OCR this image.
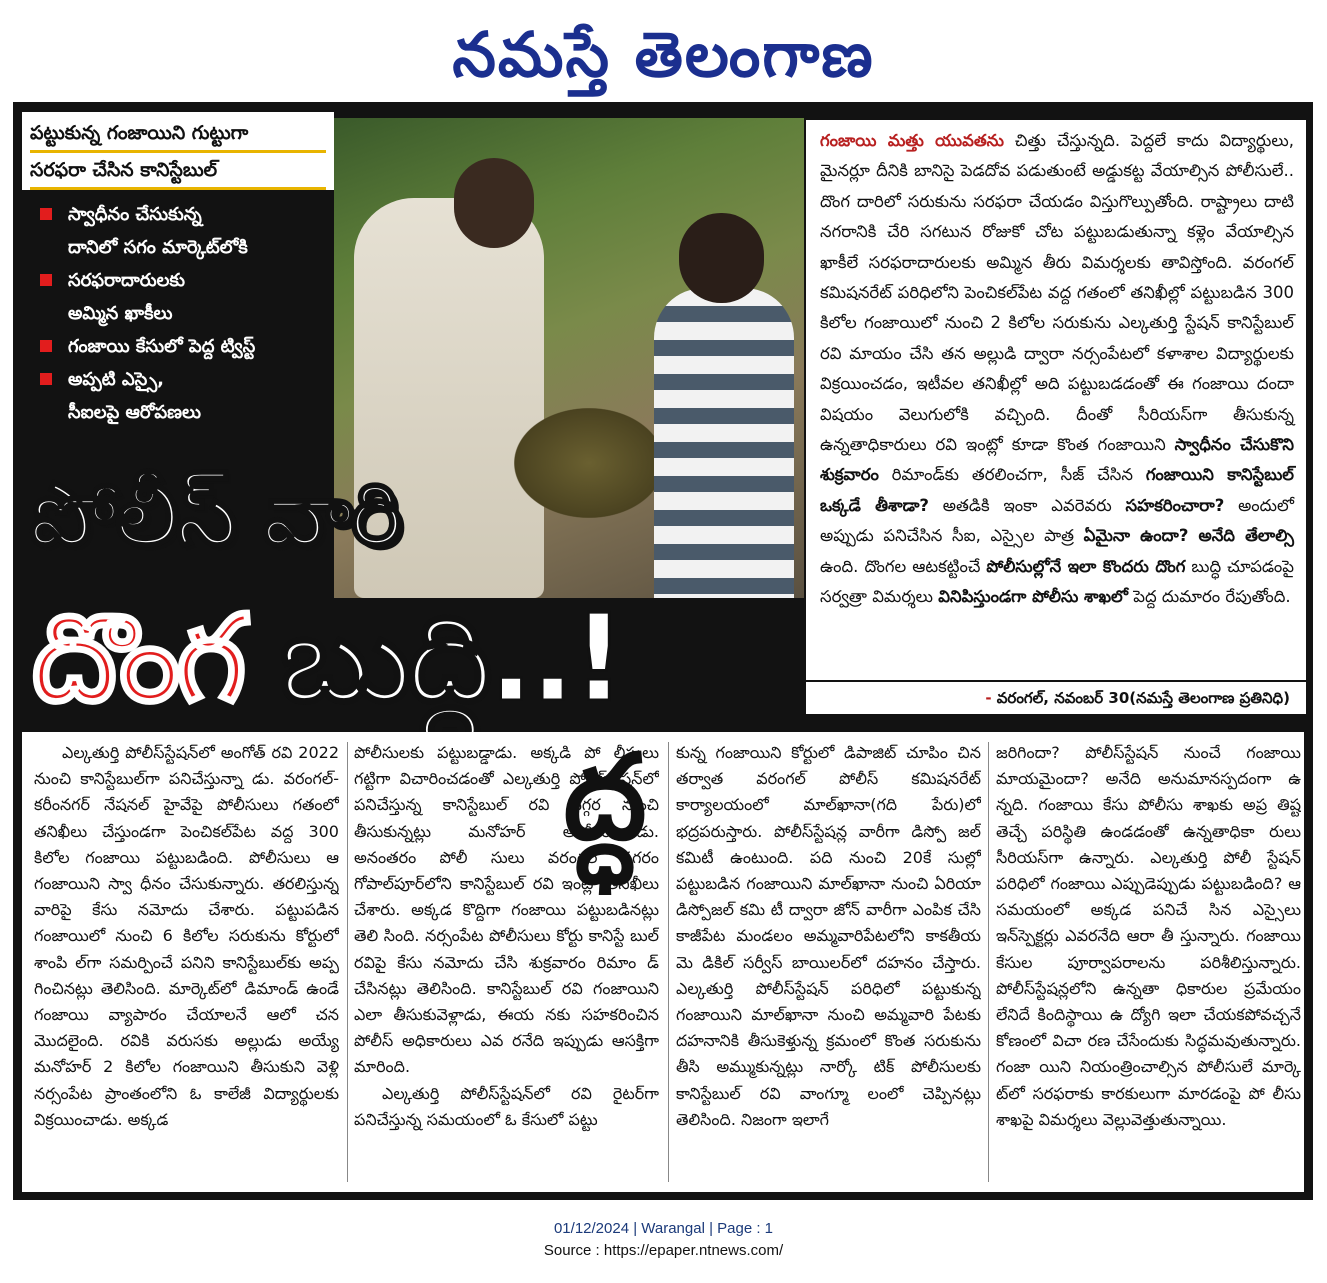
నమస్తే తెలంగాణ
పట్టుకున్న గంజాయిని గుట్టుగా
సరఫరా చేసిన కానిస్టేబుల్
స్వాధీనం చేసుకున్న
దానిలో సగం మార్కెట్‌లోకి
సరఫరాదారులకు
అమ్మిన ఖాకీలు
గంజాయి కేసులో పెద్ద ట్విస్ట్
అప్పటి ఎస్సై,
సీఐలపై ఆరోపణలు

గంజాయి మత్తు యువతను చిత్తు చేస్తున్నది. పెద్దలే కాదు విద్యార్థులు, మైనర్లూ దీనికి బానిసై పెడదోవ పడుతుంటే అడ్డుకట్ట వేయాల్సిన పోలీసులే.. దొంగ దారిలో సరుకును సరఫరా చేయడం విస్తుగొల్పుతోంది. రాష్ట్రాలు దాటి నగరానికి చేరి సగటున రోజుకో చోట పట్టుబడుతున్నా కళ్లెం వేయాల్సిన ఖాకీలే సరఫరాదారులకు అమ్మిన తీరు విమర్శలకు తావిస్తోంది. వరంగల్ కమిషనరేట్ పరిధిలోని పెంచికల్‌పేట వద్ద గతంలో తనిఖీల్లో పట్టుబడిన 300 కిలోల గంజాయిలో నుంచి 2 కిలోల సరుకును ఎల్కతుర్తి స్టేషన్ కానిస్టేబుల్ రవి మాయం చేసి తన అల్లుడి ద్వారా నర్సంపేటలో కళాశాల విద్యార్థులకు విక్రయించడం, ఇటీవల తనిఖీల్లో అది పట్టుబడడంతో ఈ గంజాయి దందా విషయం వెలుగులోకి వచ్చింది. దీంతో సీరియస్‌గా తీసుకున్న ఉన్నతాధికారులు రవి ఇంట్లో కూడా కొంత గంజాయిని స్వాధీనం చేసుకొని శుక్రవారం రిమాండ్‌కు తరలించగా, సీజ్ చేసిన గంజాయిని కానిస్టేబుల్ ఒక్కడే తీశాడా? అతడికి ఇంకా ఎవరెవరు సహకరించారా? అందులో అప్పుడు పనిచేసిన సీఐ, ఎస్సైల పాత్ర ఏమైనా ఉందా? అనేది తేలాల్సి ఉంది. దొంగల ఆటకట్టించే పోలీసుల్లోనే ఇలా కొందరు దొంగ బుద్ధి చూపడంపై సర్వత్రా విమర్శలు వినిపిస్తుండగా పోలీసు శాఖలో పెద్ద దుమారం రేపుతోంది.

- వరంగల్, నవంబర్ 30(నమస్తే తెలంగాణ ప్రతినిధి)
పోలీస్ వారి
దొంగ బుద్ధి..!

ఎల్కతుర్తి పోలీస్‌స్టేషన్‌లో అంగోత్ రవి 2022 నుంచి కానిస్టేబుల్‌గా పనిచేస్తున్నా డు. వరంగల్-కరీంనగర్ నేషనల్ హైవేపై పోలీసులు గతంలో తనిఖీలు చేస్తుండగా పెంచికల్‌పేట వద్ద 300 కిలోల గంజాయి పట్టుబడింది. పోలీసులు ఆ గంజాయిని స్వా ధీనం చేసుకున్నారు. తరలిస్తున్న వారిపై కేసు నమోదు చేశారు. పట్టుపడిన గంజాయిలో నుంచి 6 కిలోల సరుకును కోర్టులో శాంపి ల్‌గా సమర్పించే పనిని కానిస్టేబుల్‌కు అప్ప గించినట్లు తెలిసింది. మార్కెట్‌లో డిమాండ్ ఉండే గంజాయి వ్యాపారం చేయాలనే ఆలో చన మొదలైంది. రవికి వరుసకు అల్లుడు అయ్యే మనోహర్ 2 కిలోల గంజాయిని తీసుకుని వెళ్లి నర్సంపేట ప్రాంతంలోని ఓ కాలేజీ విద్యార్థులకు విక్రయించాడు. అక్కడ

పోలీసులకు పట్టుబడ్డాడు. అక్కడి పో లీసులు గట్టిగా విచారించడంతో ఎల్కతుర్తి పోలీస్‌స్టేషన్‌లో పనిచేస్తున్న కానిస్టేబుల్ రవి దగ్గర నుంచి తీసుకున్నట్లు మనోహర్ అంగీకరించాడు. అనంతరం పోలీ సులు వరంగల్ నగరం గోపాల్‌పూర్‌లోని కానిస్టేబుల్ రవి ఇంట్లో తనిఖీలు చేశారు. అక్కడ కొద్దిగా గంజాయి పట్టుబడినట్లు తెలి సింది. నర్సంపేట పోలీసులు కోర్టు కానిస్టే బుల్ రవిపై కేసు నమోదు చేసి శుక్రవారం రిమాం డ్ చేసినట్లు తెలిసింది. కానిస్టేబుల్ రవి గంజాయిని ఎలా తీసుకువెళ్లాడు, ఈయ నకు సహకరించిన పోలీస్ అధికారులు ఎవ రనేది ఇప్పుడు ఆసక్తిగా మారింది.

ఎల్కతుర్తి పోలీస్‌స్టేషన్‌లో రవి రైటర్‌గా పనిచేస్తున్న సమయంలో ఓ కేసులో పట్టు

కున్న గంజాయిని కోర్టులో డిపాజిట్ చూపిం చిన తర్వాత వరంగల్ పోలీస్ కమిషనరేట్ కార్యాలయంలో మాల్‌ఖానా(గది పేరు)లో భద్రపరుస్తారు. పోలీస్‌స్టేషన్ల వారీగా డిస్పో జల్ కమిటీ ఉంటుంది. పది నుంచి 20కే సుల్లో పట్టుబడిన గంజాయిని మాల్‌ఖానా నుంచి ఏరియా డిస్పోజల్ కమి టీ ద్వారా జోన్ వారీగా ఎంపిక చేసి కాజీపేట మండలం అమ్మవారిపేటలోని కాకతీయ మె డికిల్ సర్వీస్ బాయిలర్‌లో దహనం చేస్తారు. ఎల్కతుర్తి పోలీస్‌స్టేషన్ పరిధిలో పట్టుకున్న గంజాయిని మాల్‌ఖానా నుంచి అమ్మవారి పేటకు దహనానికి తీసుకెళ్తున్న క్రమంలో కొంత సరుకును తీసి అమ్ముకున్నట్లు నార్కో టిక్ పోలీసులకు కానిస్టేబుల్ రవి వాంగ్మూ లంలో చెప్పినట్లు తెలిసింది. నిజంగా ఇలాగే

జరిగిందా? పోలీస్‌స్టేషన్ నుంచే గంజాయి మాయమైందా? అనేది అనుమానస్పదంగా ఉ న్నది. గంజాయి కేసు పోలీసు శాఖకు అప్ర తిష్ట తెచ్చే పరిస్థితి ఉండడంతో ఉన్నతాధికా రులు సీరియస్‌గా ఉన్నారు. ఎల్కతుర్తి పోలీ స్టేషన్ పరిధిలో గంజాయి ఎప్పుడెప్పుడు పట్టుబడింది? ఆ సమయంలో అక్కడ పనిచే సిన ఎస్సైలు ఇన్‌స్పెక్టర్లు ఎవరనేది ఆరా తీ స్తున్నారు. గంజాయి కేసుల పూర్వాపరాలను పరిశీలిస్తున్నారు. పోలీస్‌స్టేషన్లలోని ఉన్నతా ధికారుల ప్రమేయం లేనిదే కిందిస్థాయి ఉ ద్యోగి ఇలా చేయకపోవచ్చనే కోణంలో విచా రణ చేసేందుకు సిద్ధమవుతున్నారు. గంజా యిని నియంత్రించాల్సిన పోలీసులే మార్కె ట్‌లో సరఫరాకు కారకులుగా మారడంపై పో లీసు శాఖపై విమర్శలు వెల్లువెత్తుతున్నాయి.

ద్ధ
01/12/2024 | Warangal | Page : 1
Source : https://epaper.ntnews.com/
